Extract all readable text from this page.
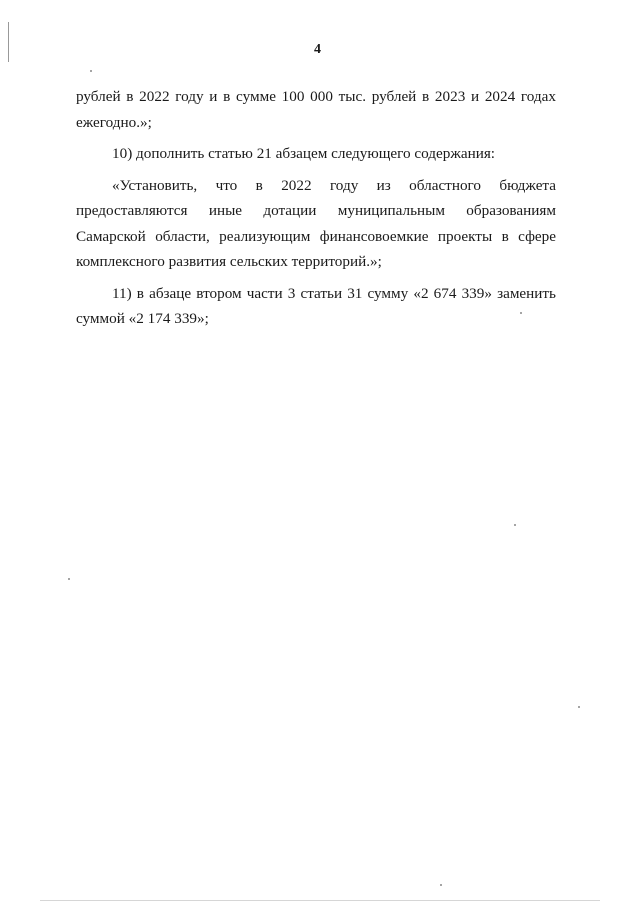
4

рублей в 2022 году и в сумме 100 000 тыс. рублей в 2023 и 2024 годах ежегодно.»;

10) дополнить статью 21 абзацем следующего содержания:

«Установить, что в 2022 году из областного бюджета предоставляются иные дотации муниципальным образованиям Самарской области, реализующим финансовоемкие проекты в сфере комплексного развития сельских территорий.»;

11) в абзаце втором части 3 статьи 31 сумму «2 674 339» заменить суммой «2 174 339»;
